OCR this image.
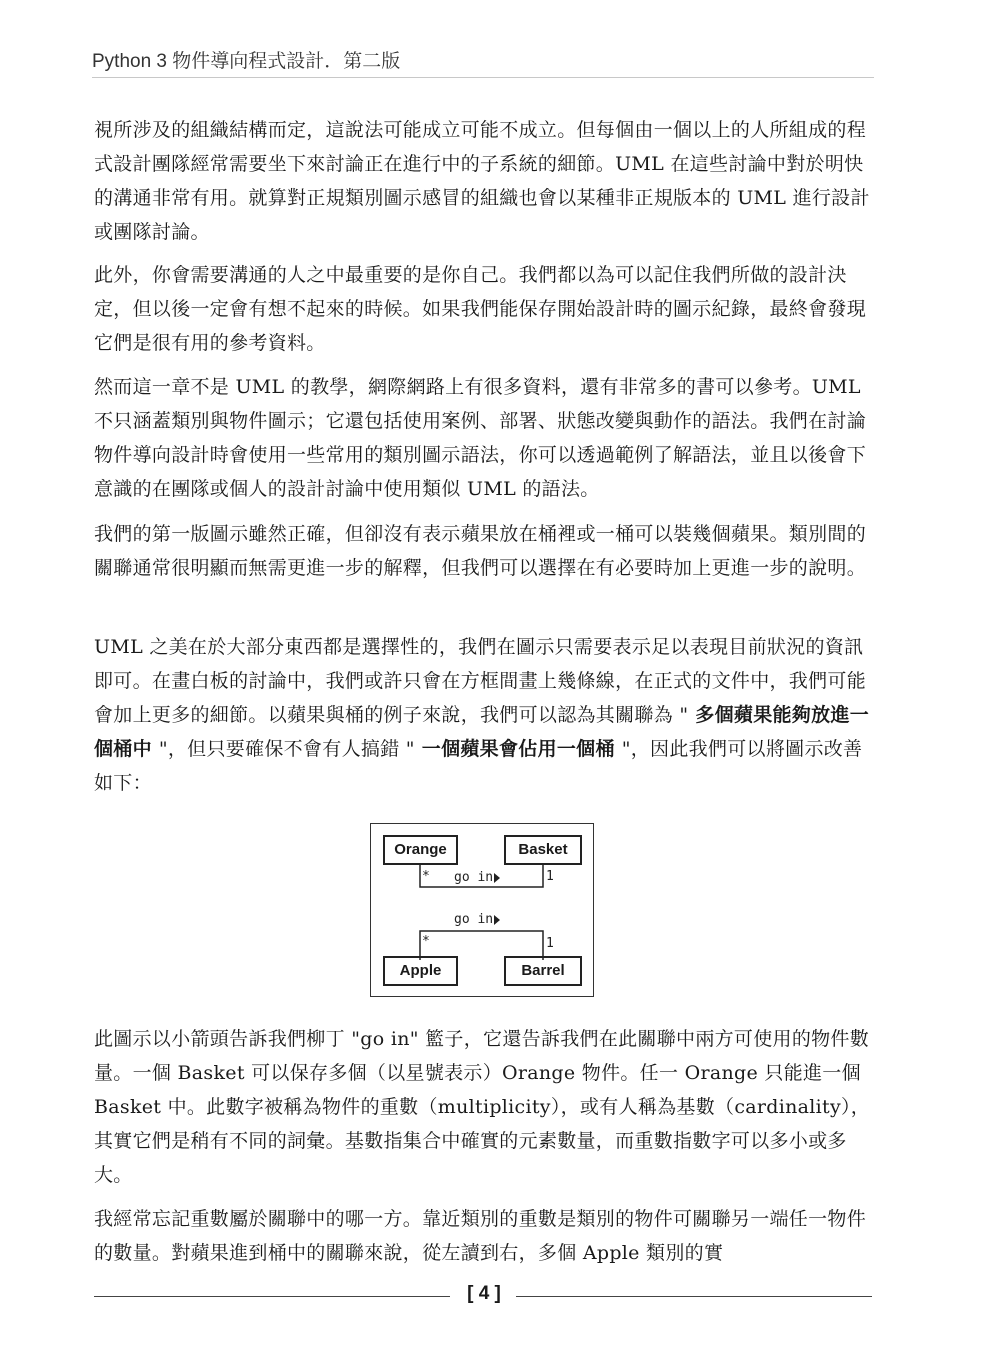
Python 3 物件導向程式設計．第二版

視所涉及的組織結構而定，這說法可能成立可能不成立。但每個由一個以上的人所組成的程式設計團隊經常需要坐下來討論正在進行中的子系統的細節。UML 在這些討論中對於明快的溝通非常有用。就算對正規類別圖示感冒的組織也會以某種非正規版本的 UML 進行設計或團隊討論。

此外，你會需要溝通的人之中最重要的是你自己。我們都以為可以記住我們所做的設計決定，但以後一定會有想不起來的時候。如果我們能保存開始設計時的圖示紀錄，最終會發現它們是很有用的參考資料。

然而這一章不是 UML 的教學，網際網路上有很多資料，還有非常多的書可以參考。UML 不只涵蓋類別與物件圖示；它還包括使用案例、部署、狀態改變與動作的語法。我們在討論物件導向設計時會使用一些常用的類別圖示語法，你可以透過範例了解語法，並且以後會下意識的在團隊或個人的設計討論中使用類似 UML 的語法。

我們的第一版圖示雖然正確，但卻沒有表示蘋果放在桶裡或一桶可以裝幾個蘋果。類別間的關聯通常很明顯而無需更進一步的解釋，但我們可以選擇在有必要時加上更進一步的說明。

UML 之美在於大部分東西都是選擇性的，我們在圖示只需要表示足以表現目前狀況的資訊即可。在畫白板的討論中，我們或許只會在方框間畫上幾條線，在正式的文件中，我們可能會加上更多的細節。以蘋果與桶的例子來說，我們可以認為其關聯為 " 多個蘋果能夠放進一個桶中 "，但只要確保不會有人搞錯 " 一個蘋果會佔用一個桶 "，因此我們可以將圖示改善如下：

Orange	Basket
Apple	Barrel
* go in	1
go in
*	1

此圖示以小箭頭告訴我們柳丁 "go in" 籃子，它還告訴我們在此關聯中兩方可使用的物件數量。一個 Basket 可以保存多個（以星號表示）Orange 物件。任一 Orange 只能進一個 Basket 中。此數字被稱為物件的重數（multiplicity），或有人稱為基數（cardinality），其實它們是稍有不同的詞彙。基數指集合中確實的元素數量，而重數指數字可以多小或多大。

我經常忘記重數屬於關聯中的哪一方。靠近類別的重數是類別的物件可關聯另一端任一物件的數量。對蘋果進到桶中的關聯來說，從左讀到右，多個 Apple 類別的實

[ 4 ]
